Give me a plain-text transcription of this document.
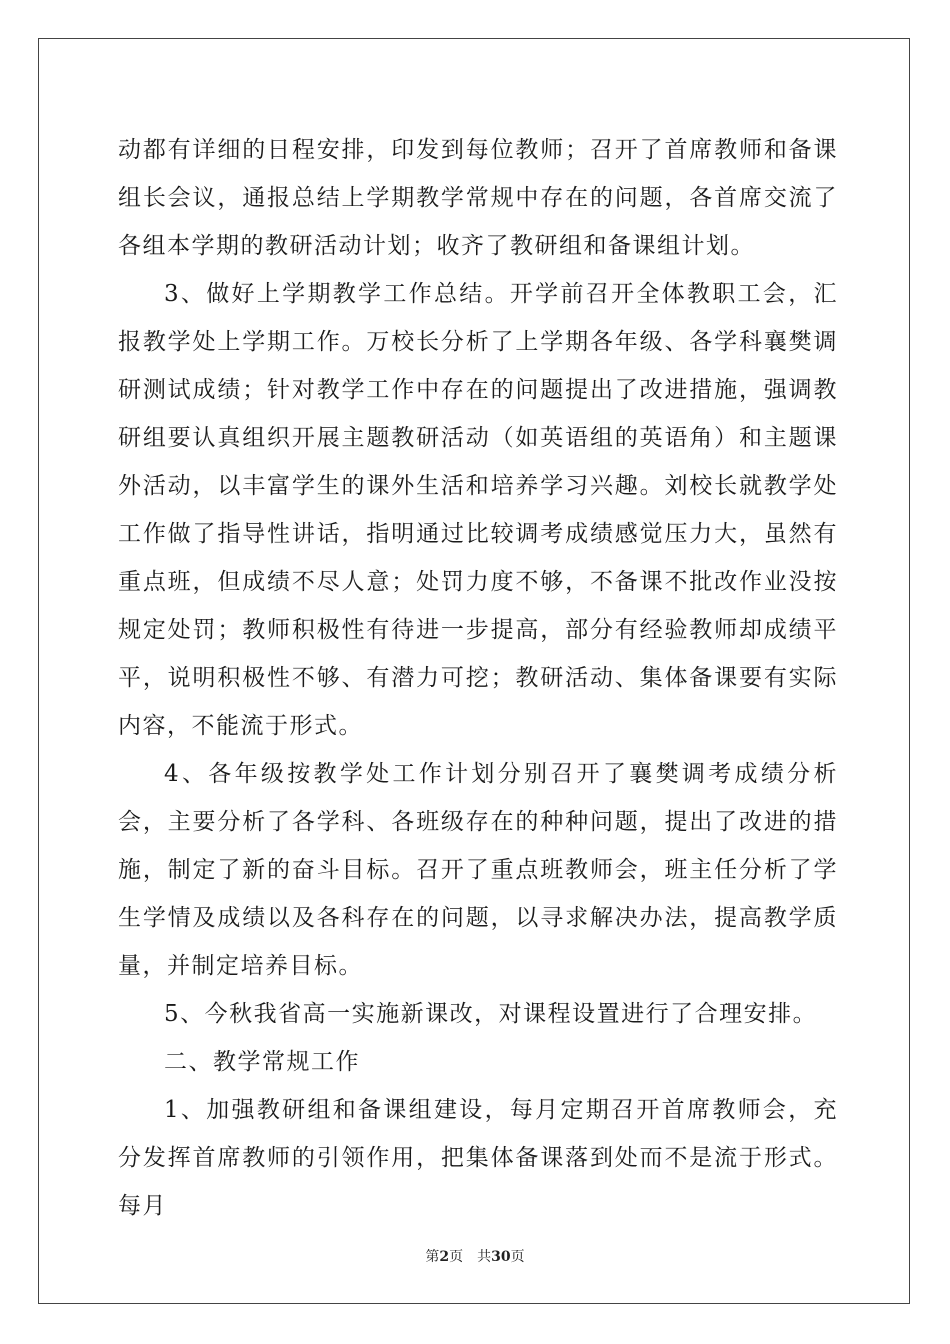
动都有详细的日程安排，印发到每位教师；召开了首席教师和备课组长会议，通报总结上学期教学常规中存在的问题，各首席交流了各组本学期的教研活动计划；收齐了教研组和备课组计划。

3、做好上学期教学工作总结。开学前召开全体教职工会，汇报教学处上学期工作。万校长分析了上学期各年级、各学科襄樊调研测试成绩；针对教学工作中存在的问题提出了改进措施，强调教研组要认真组织开展主题教研活动（如英语组的英语角）和主题课外活动，以丰富学生的课外生活和培养学习兴趣。刘校长就教学处工作做了指导性讲话，指明通过比较调考成绩感觉压力大，虽然有重点班，但成绩不尽人意；处罚力度不够，不备课不批改作业没按规定处罚；教师积极性有待进一步提高，部分有经验教师却成绩平平，说明积极性不够、有潜力可挖；教研活动、集体备课要有实际内容，不能流于形式。

4、各年级按教学处工作计划分别召开了襄樊调考成绩分析会，主要分析了各学科、各班级存在的种种问题，提出了改进的措施，制定了新的奋斗目标。召开了重点班教师会，班主任分析了学生学情及成绩以及各科存在的问题，以寻求解决办法，提高教学质量，并制定培养目标。

5、今秋我省高一实施新课改，对课程设置进行了合理安排。

二、教学常规工作

1、加强教研组和备课组建设，每月定期召开首席教师会，充分发挥首席教师的引领作用，把集体备课落到处而不是流于形式。每月

第2页 共30页
